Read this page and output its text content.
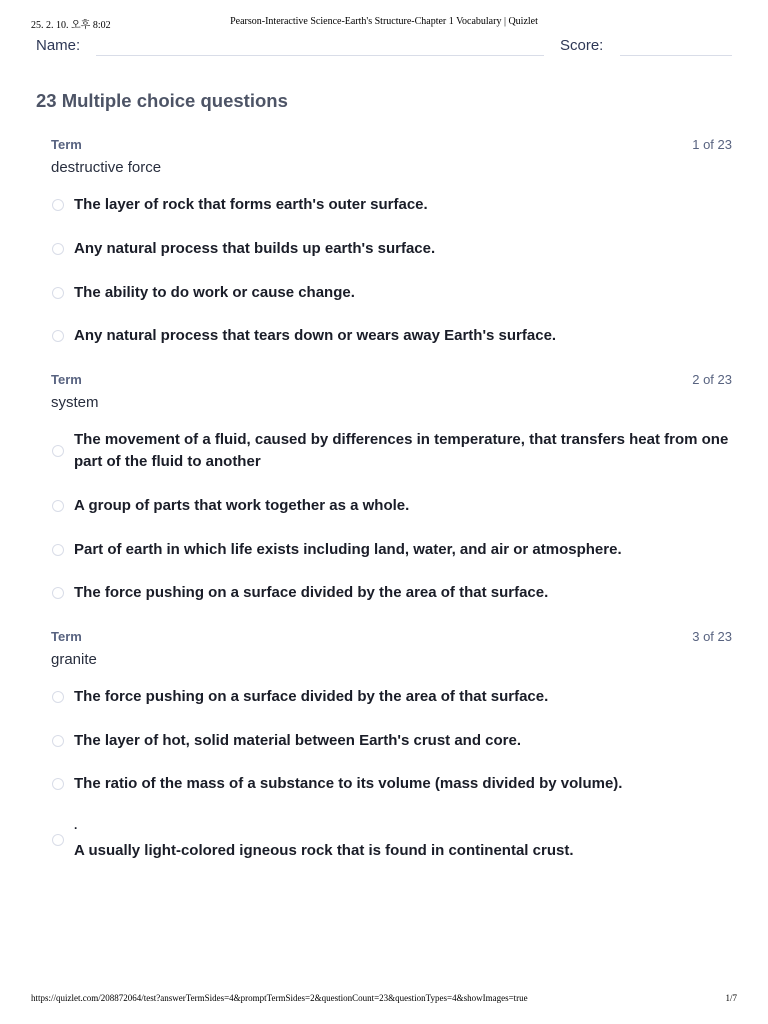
25. 2. 10. 오후 8:02	Pearson-Interactive Science-Earth's Structure-Chapter 1 Vocabulary | Quizlet
Name:	Score:
23 Multiple choice questions
Term	1 of 23
destructive force
The layer of rock that forms earth's outer surface.
Any natural process that builds up earth's surface.
The ability to do work or cause change.
Any natural process that tears down or wears away Earth's surface.
Term	2 of 23
system
The movement of a fluid, caused by differences in temperature, that transfers heat from one part of the fluid to another
A group of parts that work together as a whole.
Part of earth in which life exists including land, water, and air or atmosphere.
The force pushing on a surface divided by the area of that surface.
Term	3 of 23
granite
The force pushing on a surface divided by the area of that surface.
The layer of hot, solid material between Earth's crust and core.
The ratio of the mass of a substance to its volume (mass divided by volume).
.
A usually light-colored igneous rock that is found in continental crust.
https://quizlet.com/208872064/test?answerTermSides=4&promptTermSides=2&questionCount=23&questionTypes=4&showImages=true	1/7
